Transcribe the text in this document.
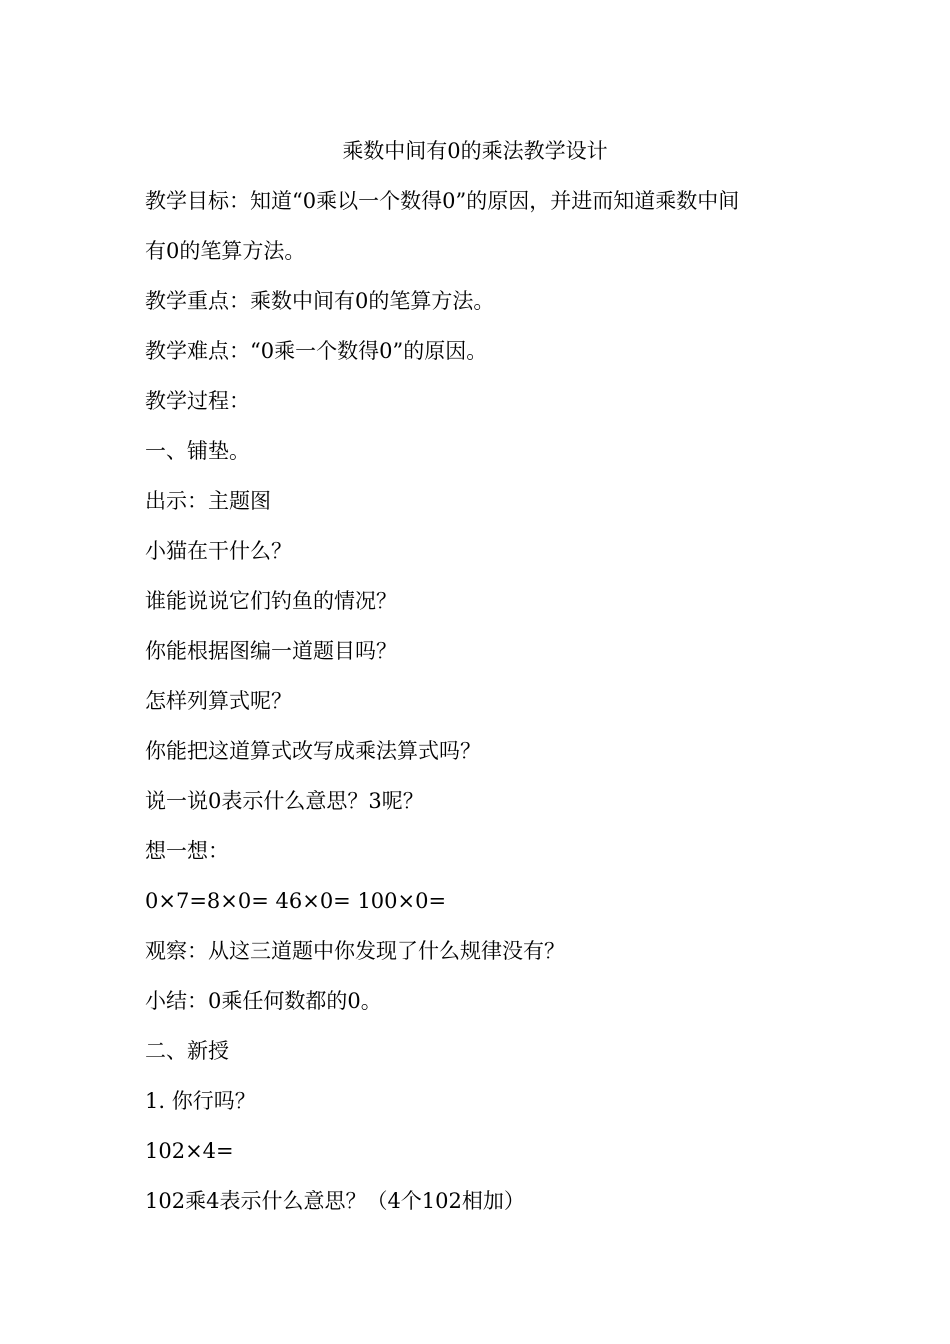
乘数中间有0的乘法教学设计
教学目标：知道“0乘以一个数得0”的原因，并进而知道乘数中间
有0的笔算方法。
教学重点：乘数中间有0的笔算方法。
教学难点：“0乘一个数得0”的原因。
教学过程：
一、铺垫。
出示：主题图
小猫在干什么？
谁能说说它们钓鱼的情况？
你能根据图编一道题目吗？
怎样列算式呢？
你能把这道算式改写成乘法算式吗？
说一说0表示什么意思？3呢？
想一想：
0×7=8×0= 46×0= 100×0=
观察：从这三道题中你发现了什么规律没有？
小结：0乘任何数都的0。
二、新授
1. 你行吗？
102×4=
102乘4表示什么意思？（4个102相加）
